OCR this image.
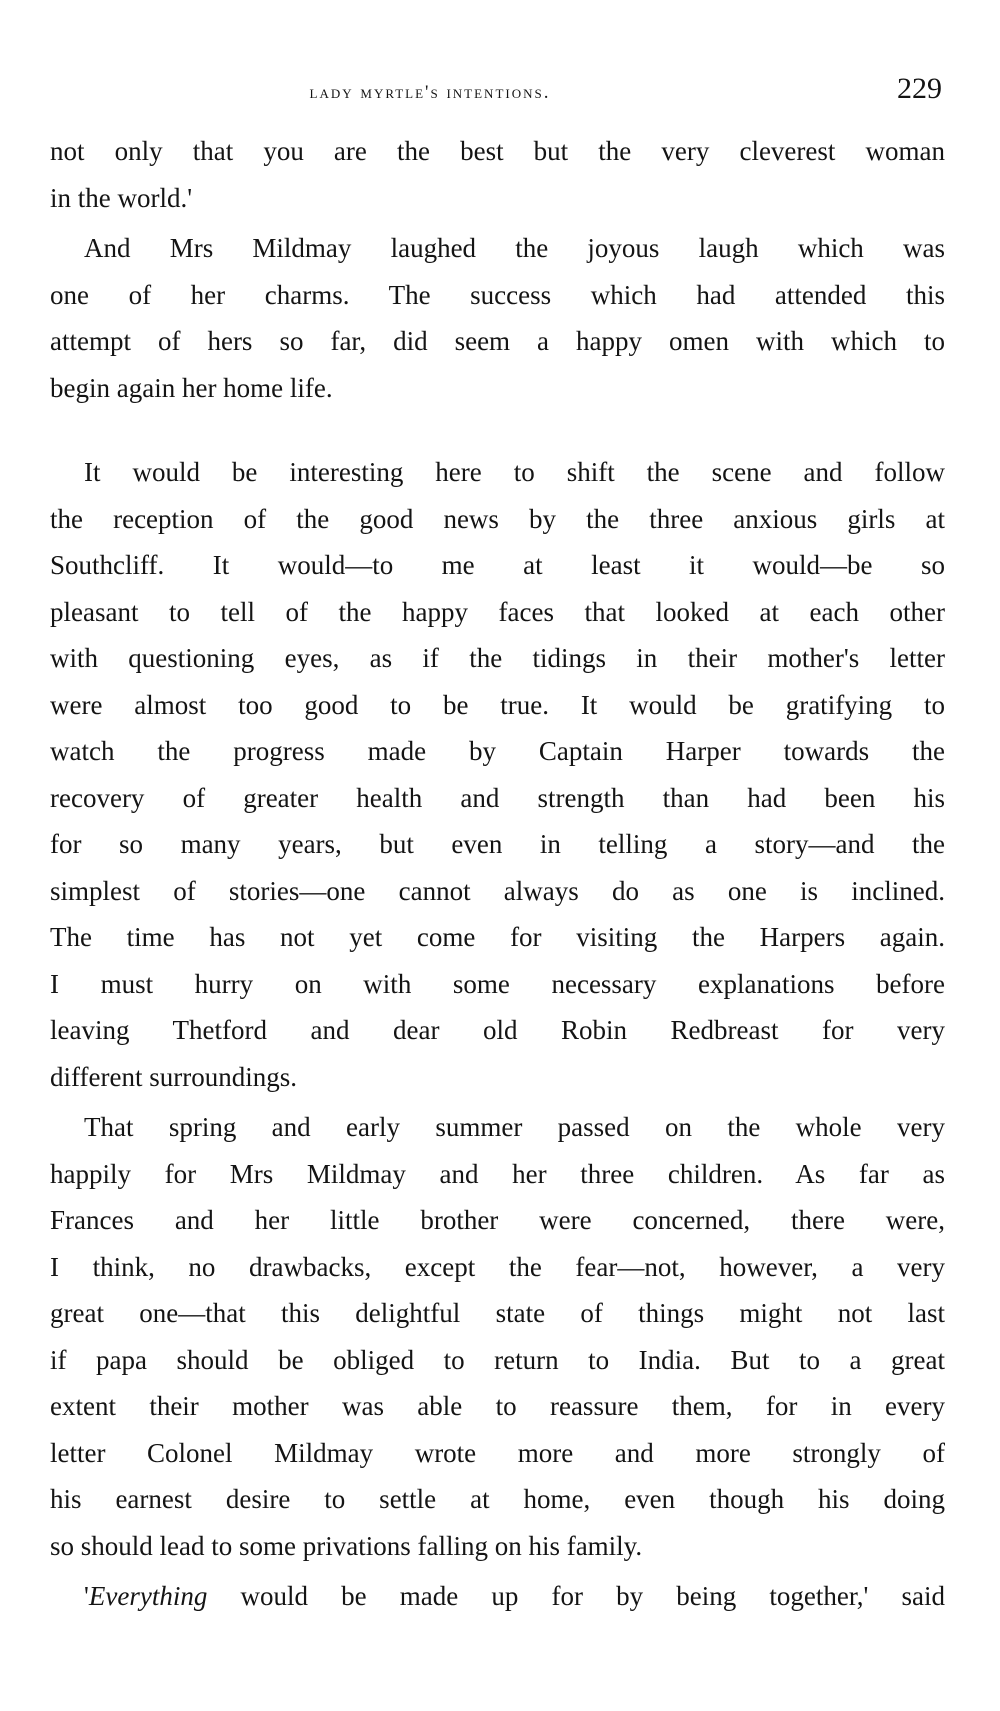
lady myrtle's intentions.	229
not only that you are the best but the very cleverest woman
in the world.'
And Mrs Mildmay laughed the joyous laugh which was
one of her charms. The success which had attended this
attempt of hers so far, did seem a happy omen with which to
begin again her home life.
It would be interesting here to shift the scene and follow
the reception of the good news by the three anxious girls at
Southcliff. It would—to me at least it would—be so
pleasant to tell of the happy faces that looked at each other
with questioning eyes, as if the tidings in their mother's letter
were almost too good to be true. It would be gratifying to
watch the progress made by Captain Harper towards the
recovery of greater health and strength than had been his
for so many years, but even in telling a story—and the
simplest of stories—one cannot always do as one is inclined.
The time has not yet come for visiting the Harpers again.
I must hurry on with some necessary explanations before
leaving Thetford and dear old Robin Redbreast for very
different surroundings.
That spring and early summer passed on the whole very
happily for Mrs Mildmay and her three children. As far as
Frances and her little brother were concerned, there were,
I think, no drawbacks, except the fear—not, however, a very
great one—that this delightful state of things might not last
if papa should be obliged to return to India. But to a great
extent their mother was able to reassure them, for in every
letter Colonel Mildmay wrote more and more strongly of
his earnest desire to settle at home, even though his doing
so should lead to some privations falling on his family.
'Everything would be made up for by being together,' said
